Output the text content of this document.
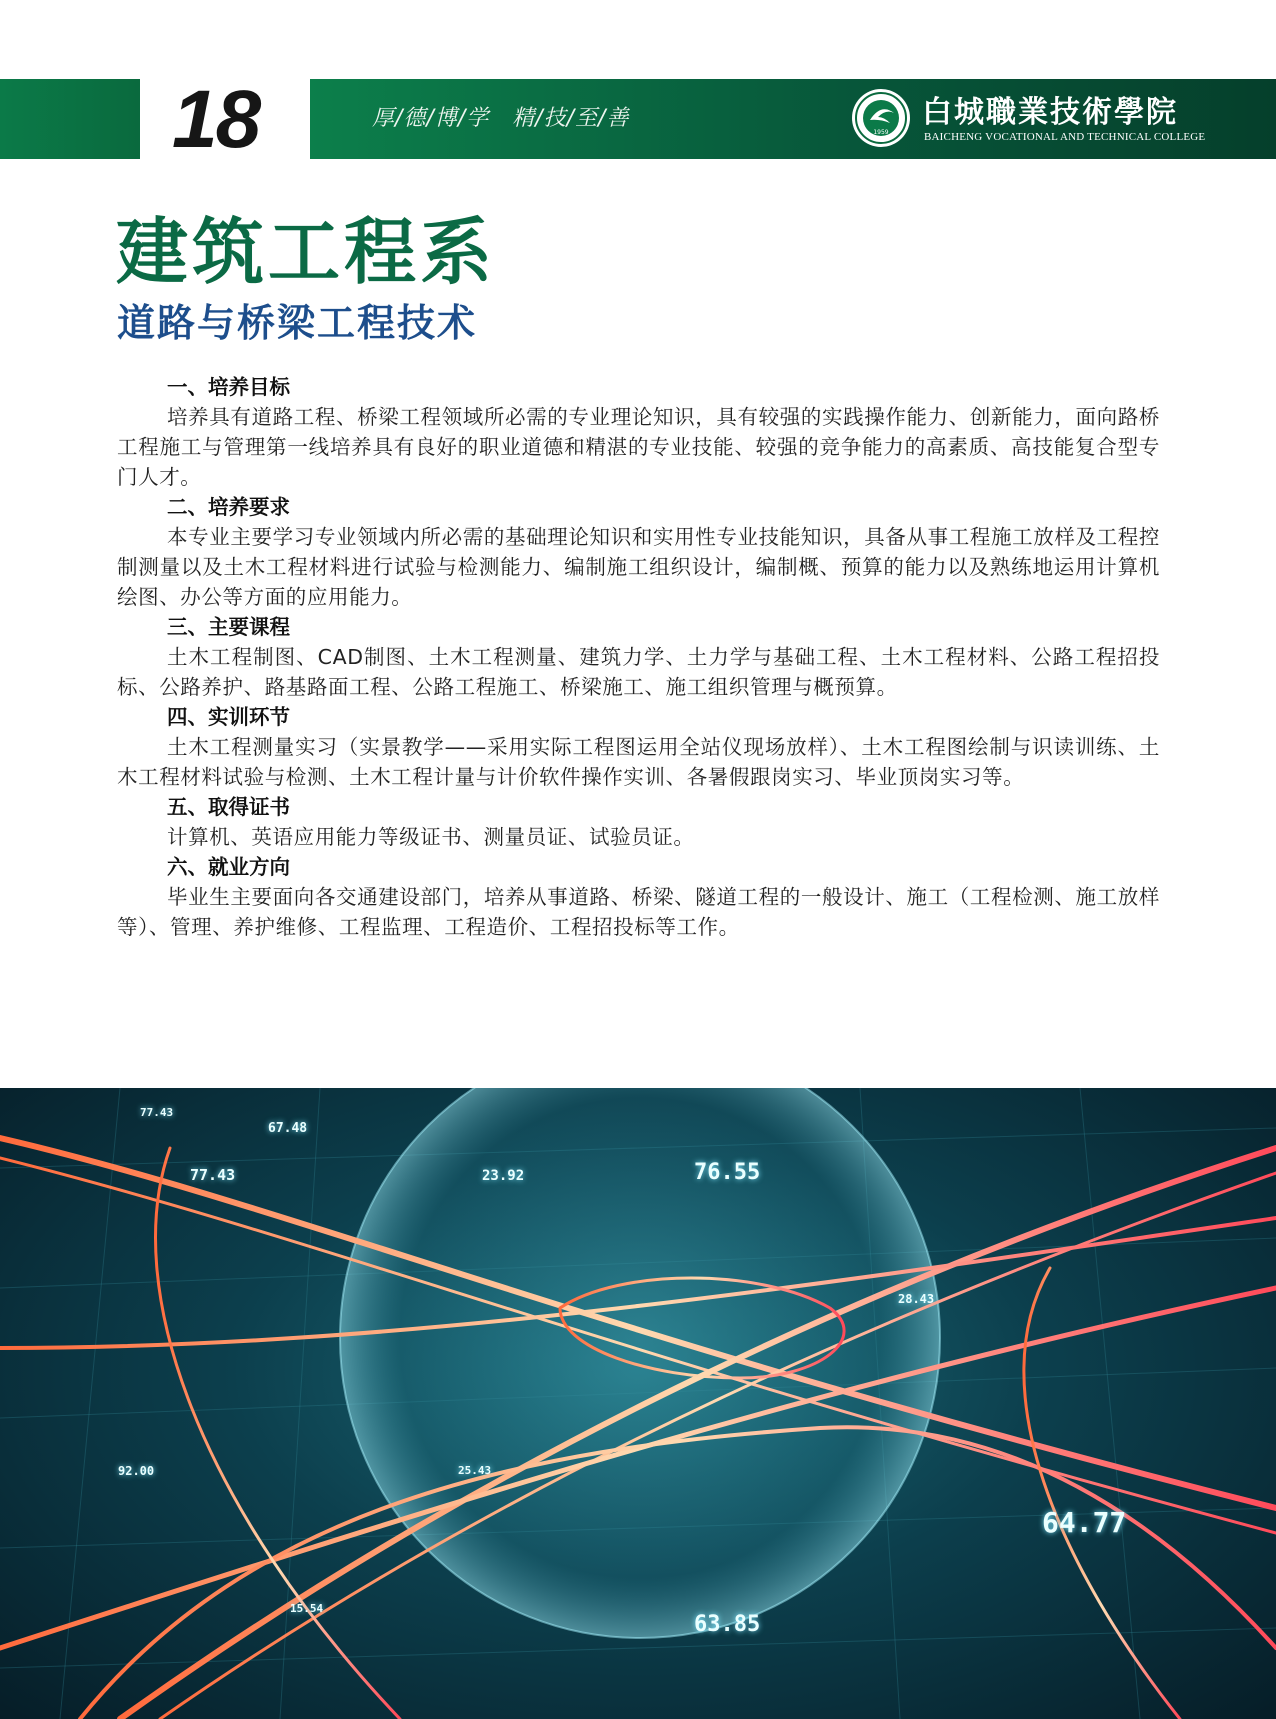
18	厚/德/博/学　精/技/至/善
1959
白城職業技術學院
BAICHENG VOCATIONAL AND TECHNICAL COLLEGE
建筑工程系
道路与桥梁工程技术
一、培养目标
培养具有道路工程、桥梁工程领域所必需的专业理论知识，具有较强的实践操作能力、创新能力，面向路桥工程施工与管理第一线培养具有良好的职业道德和精湛的专业技能、较强的竞争能力的高素质、高技能复合型专门人才。
二、培养要求
本专业主要学习专业领域内所必需的基础理论知识和实用性专业技能知识，具备从事工程施工放样及工程控制测量以及土木工程材料进行试验与检测能力、编制施工组织设计，编制概、预算的能力以及熟练地运用计算机绘图、办公等方面的应用能力。
三、主要课程
土木工程制图、CAD制图、土木工程测量、建筑力学、土力学与基础工程、土木工程材料、公路工程招投标、公路养护、路基路面工程、公路工程施工、桥梁施工、施工组织管理与概预算。
四、实训环节
土木工程测量实习（实景教学——采用实际工程图运用全站仪现场放样）、土木工程图绘制与识读训练、土木工程材料试验与检测、土木工程计量与计价软件操作实训、各暑假跟岗实习、毕业顶岗实习等。
五、取得证书
计算机、英语应用能力等级证书、测量员证、试验员证。
六、就业方向
毕业生主要面向各交通建设部门，培养从事道路、桥梁、隧道工程的一般设计、施工（工程检测、施工放样等）、管理、养护维修、工程监理、工程造价、工程招投标等工作。
77.43
67.48
77.43	23.92	76.55
92.00	25.43
64.77
63.85
28.43
15.54
